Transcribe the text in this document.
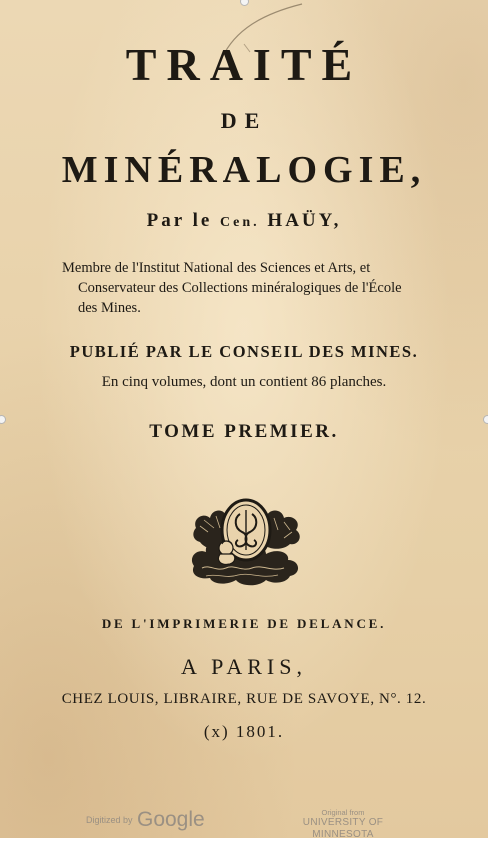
TRAITÉ
DE
MINÉRALOGIE,
Par le Cen. HAÜY,
Membre de l'Institut National des Sciences et Arts, et
Conservateur des Collections minéralogiques de l'École
des Mines.
PUBLIÉ PAR LE CONSEIL DES MINES.
En cinq volumes, dont un contient 86 planches.
TOME PREMIER.
DE L'IMPRIMERIE DE DELANCE.
A PARIS,
CHEZ LOUIS, LIBRAIRE, RUE DE SAVOYE, N°. 12.
(x) 1801.
Digitized by Google	Original from
UNIVERSITY OF MINNESOTA
